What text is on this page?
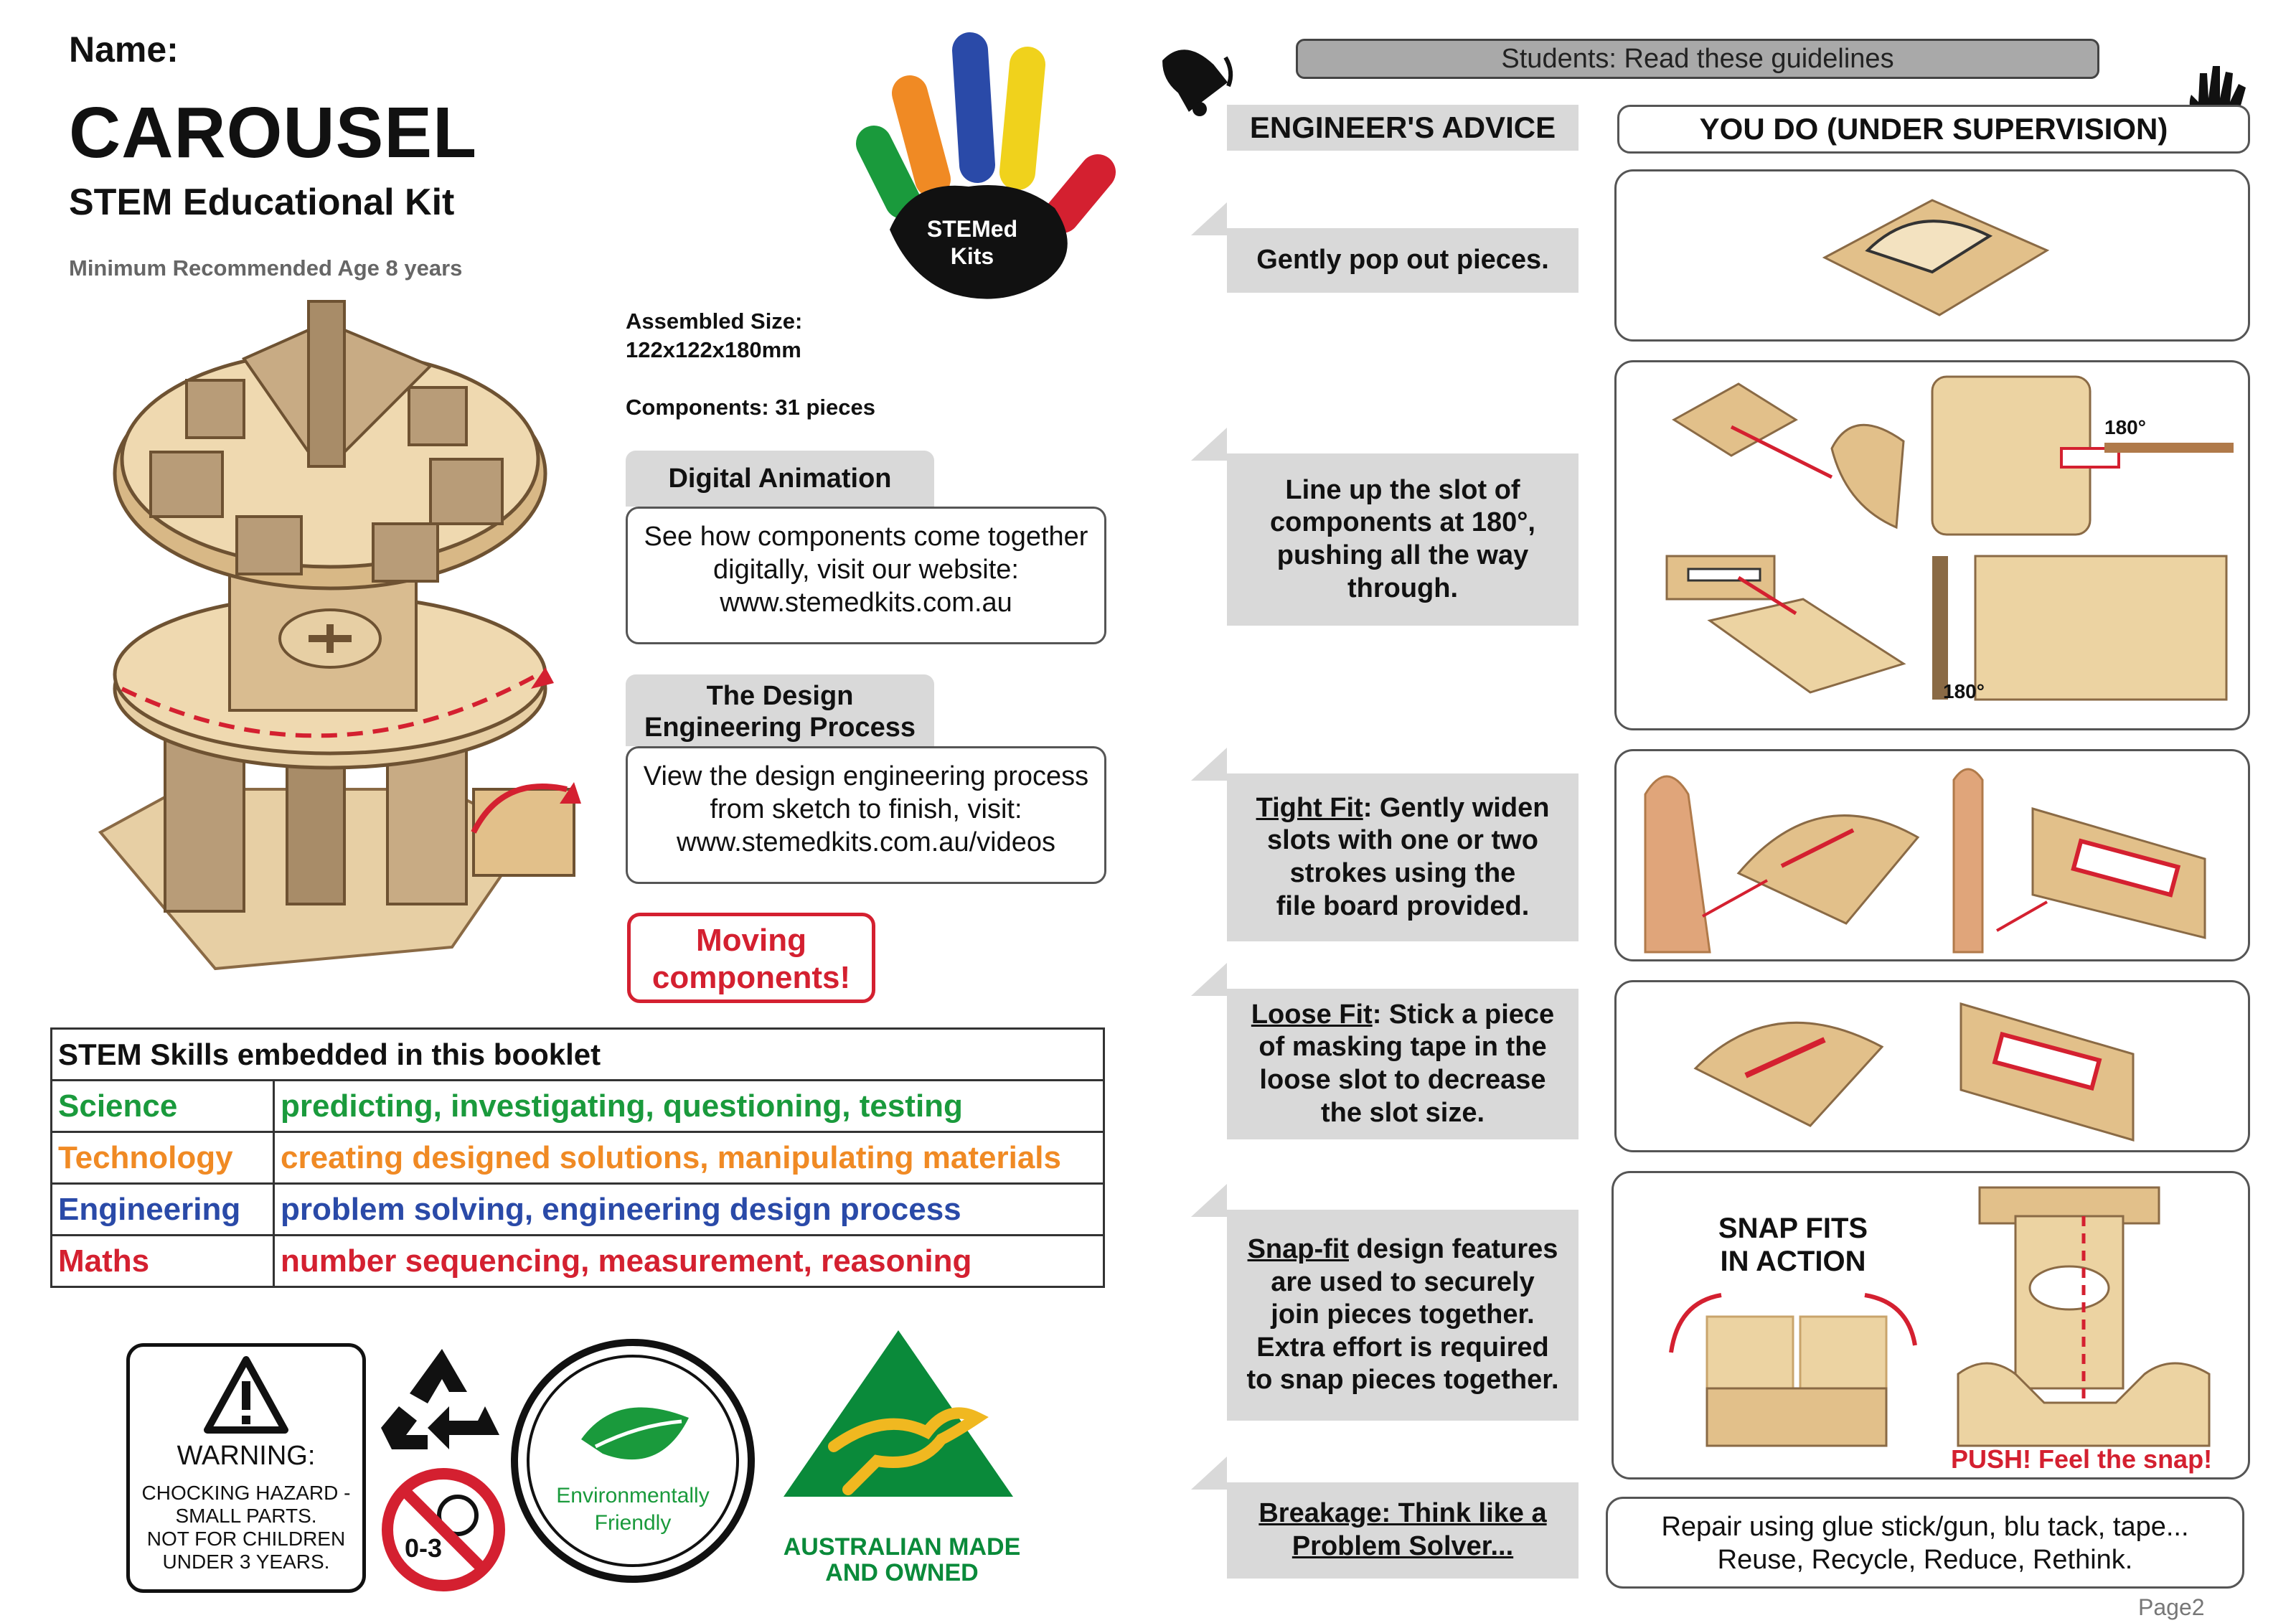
Name:
CAROUSEL
STEM Educational Kit
Minimum Recommended Age 8 years
STEMed
Kits
Assembled Size:
122x122x180mm
Components: 31 pieces
Digital Animation
See how components come together
digitally, visit our website:
www.stemedkits.com.au
The Design
Engineering Process
View the design engineering process
from sketch to finish, visit:
www.stemedkits.com.au/videos
Moving
components!
STEM Skills embedded in this booklet	
Science	predicting, investigating, questioning, testing
Technology	creating designed solutions, manipulating materials
Engineering	problem solving, engineering design process
Maths	number sequencing, measurement, reasoning
WARNING:
CHOCKING HAZARD -
SMALL PARTS.
NOT FOR CHILDREN
UNDER 3 YEARS.	0-3
Environmentally
Friendly
AUSTRALIAN MADE
AND OWNED
Students: Read these guidelines
ENGINEER'S ADVICE	YOU DO (UNDER SUPERVISION)
Gently pop out pieces.
Line up the slot of
components at 180°,
pushing all the way
through.
180°
180°
Tight Fit: Gently widen
slots with one or two
strokes using the
file board provided.
Loose Fit: Stick a piece
of masking tape in the
loose slot to decrease
the slot size.
Snap-fit design features
are used to securely
join pieces together.
Extra effort is required
to snap pieces together.
SNAP FITS
IN ACTION
PUSH! Feel the snap!
Breakage: Think like a
Problem Solver...
Repair using glue stick/gun, blu tack, tape...
Reuse, Recycle, Reduce, Rethink.
Page2
